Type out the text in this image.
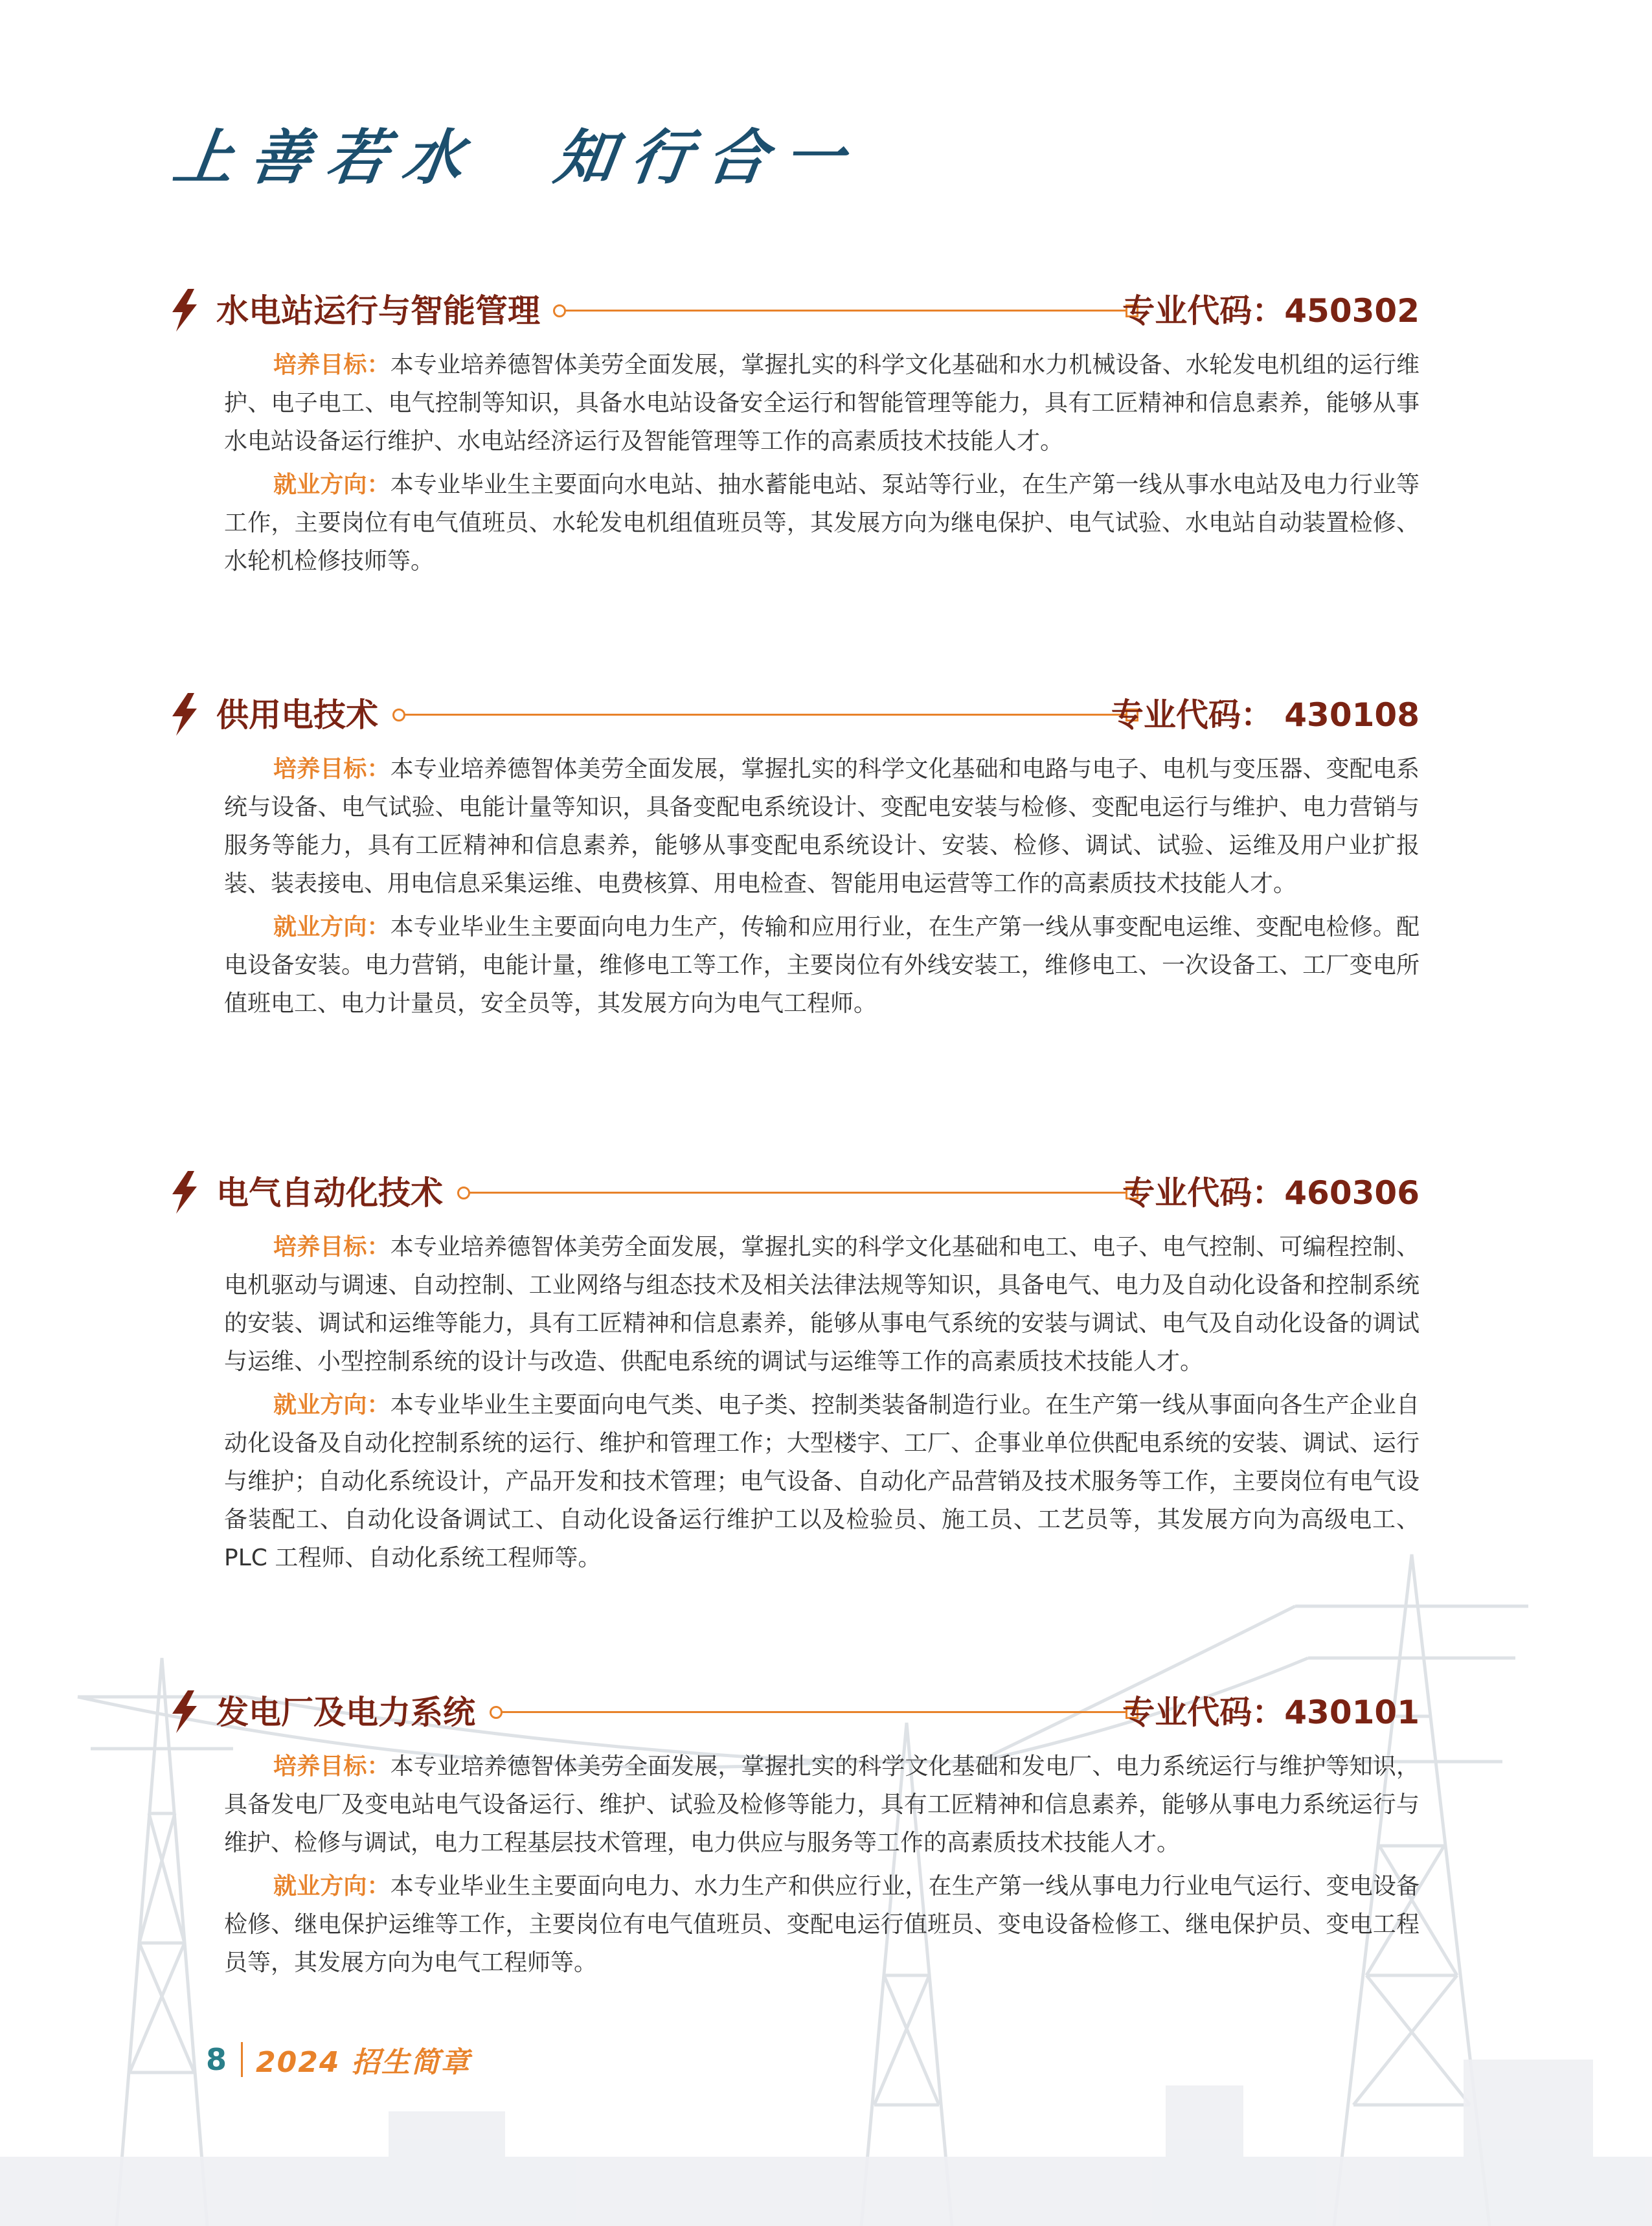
上善若水  知行合一
水电站运行与智能管理	专业代码：450302

培养目标：本专业培养德智体美劳全面发展，掌握扎实的科学文化基础和水力机械设备、水轮发电机组的运行维护、电子电工、电气控制等知识，具备水电站设备安全运行和智能管理等能力，具有工匠精神和信息素养，能够从事水电站设备运行维护、水电站经济运行及智能管理等工作的高素质技术技能人才。

就业方向：本专业毕业生主要面向水电站、抽水蓄能电站、泵站等行业，在生产第一线从事水电站及电力行业等工作，主要岗位有电气值班员、水轮发电机组值班员等，其发展方向为继电保护、电气试验、水电站自动装置检修、水轮机检修技师等。

供用电技术	专业代码： 430108

培养目标：本专业培养德智体美劳全面发展，掌握扎实的科学文化基础和电路与电子、电机与变压器、变配电系统与设备、电气试验、电能计量等知识，具备变配电系统设计、变配电安装与检修、变配电运行与维护、电力营销与服务等能力，具有工匠精神和信息素养，能够从事变配电系统设计、安装、检修、调试、试验、运维及用户业扩报装、装表接电、用电信息采集运维、电费核算、用电检查、智能用电运营等工作的高素质技术技能人才。

就业方向：本专业毕业生主要面向电力生产，传输和应用行业，在生产第一线从事变配电运维、变配电检修。配电设备安装。电力营销，电能计量，维修电工等工作，主要岗位有外线安装工，维修电工、一次设备工、工厂变电所值班电工、电力计量员，安全员等，其发展方向为电气工程师。

电气自动化技术	专业代码：460306

培养目标：本专业培养德智体美劳全面发展，掌握扎实的科学文化基础和电工、电子、电气控制、可编程控制、电机驱动与调速、自动控制、工业网络与组态技术及相关法律法规等知识，具备电气、电力及自动化设备和控制系统的安装、调试和运维等能力，具有工匠精神和信息素养，能够从事电气系统的安装与调试、电气及自动化设备的调试与运维、小型控制系统的设计与改造、供配电系统的调试与运维等工作的高素质技术技能人才。

就业方向：本专业毕业生主要面向电气类、电子类、控制类装备制造行业。在生产第一线从事面向各生产企业自动化设备及自动化控制系统的运行、维护和管理工作；大型楼宇、工厂、企事业单位供配电系统的安装、调试、运行与维护；自动化系统设计，产品开发和技术管理；电气设备、自动化产品营销及技术服务等工作，主要岗位有电气设备装配工、自动化设备调试工、自动化设备运行维护工以及检验员、施工员、工艺员等，其发展方向为高级电工、PLC 工程师、自动化系统工程师等。

发电厂及电力系统	专业代码：430101

培养目标：本专业培养德智体美劳全面发展，掌握扎实的科学文化基础和发电厂、电力系统运行与维护等知识，具备发电厂及变电站电气设备运行、维护、试验及检修等能力，具有工匠精神和信息素养，能够从事电力系统运行与维护、检修与调试，电力工程基层技术管理，电力供应与服务等工作的高素质技术技能人才。

就业方向：本专业毕业生主要面向电力、水力生产和供应行业，在生产第一线从事电力行业电气运行、变电设备检修、继电保护运维等工作，主要岗位有电气值班员、变配电运行值班员、变电设备检修工、继电保护员、变电工程员等，其发展方向为电气工程师等。

8 2024 招生简章
